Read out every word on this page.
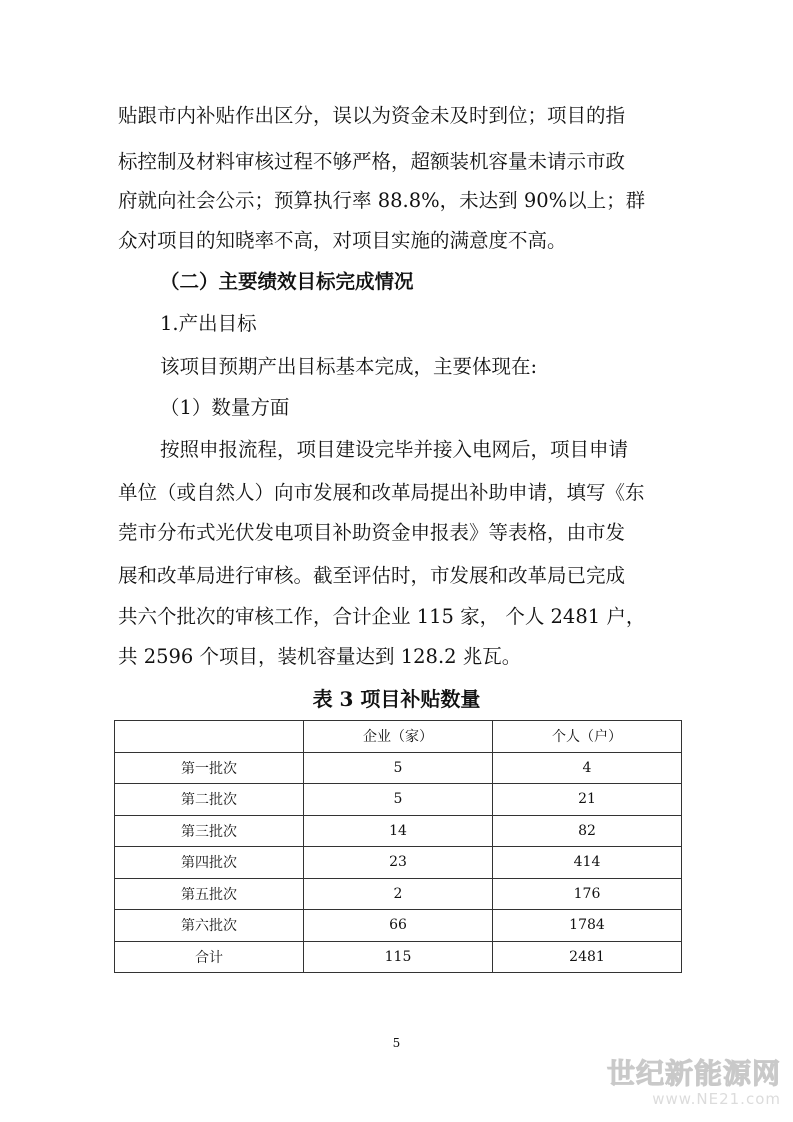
贴跟市内补贴作出区分，误以为资金未及时到位；项目的指
标控制及材料审核过程不够严格，超额装机容量未请示市政
府就向社会公示；预算执行率 88.8%，未达到 90%以上；群
众对项目的知晓率不高，对项目实施的满意度不高。
（二）主要绩效目标完成情况
1.产出目标
该项目预期产出目标基本完成，主要体现在:
（1）数量方面
按照申报流程，项目建设完毕并接入电网后，项目申请
单位（或自然人）向市发展和改革局提出补助申请，填写《东
莞市分布式光伏发电项目补助资金申报表》等表格，由市发
展和改革局进行审核。截至评估时，市发展和改革局已完成
共六个批次的审核工作，合计企业 115 家， 个人 2481 户，
共 2596 个项目，装机容量达到 128.2 兆瓦。
表 3 项目补贴数量
	企业（家）	个人（户）
第一批次	5	4
第二批次	5	21
第三批次	14	82
第四批次	23	414
第五批次	2	176
第六批次	66	1784
合计	115	2481
5
世纪新能源网
www.NE21.com
